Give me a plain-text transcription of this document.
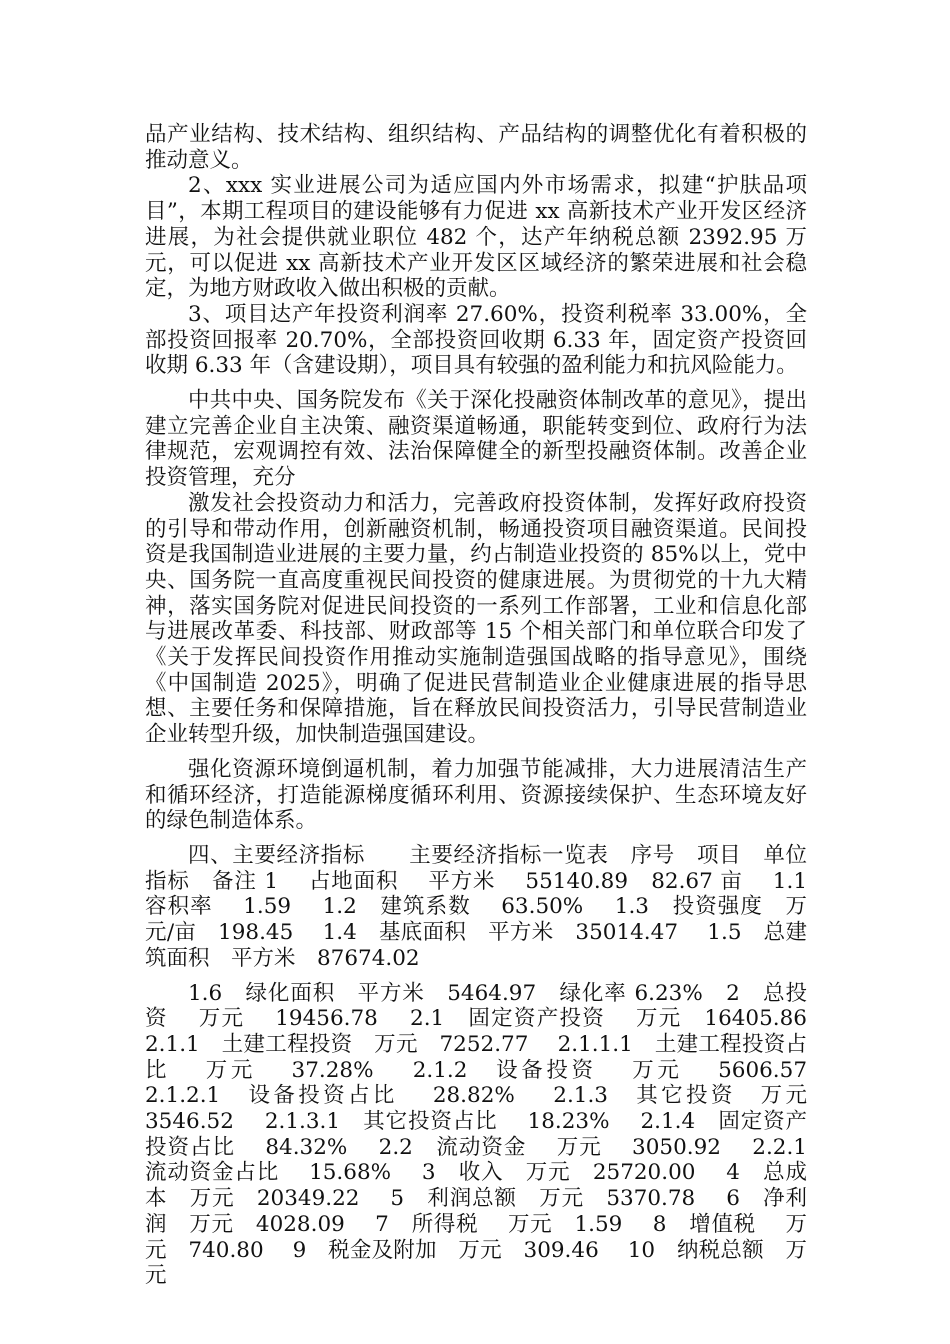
品产业结构、技术结构、组织结构、产品结构的调整优化有着积极的推动意义。

2、xxx 实业进展公司为适应国内外市场需求，拟建“护肤品项目”，本期工程项目的建设能够有力促进 xx 高新技术产业开发区经济进展，为社会提供就业职位 482 个，达产年纳税总额 2392.95 万元，可以促进 xx 高新技术产业开发区区域经济的繁荣进展和社会稳定，为地方财政收入做出积极的贡献。

3、项目达产年投资利润率 27.60%，投资利税率 33.00%，全部投资回报率 20.70%，全部投资回收期 6.33 年，固定资产投资回收期 6.33 年（含建设期），项目具有较强的盈利能力和抗风险能力。

中共中央、国务院发布《关于深化投融资体制改革的意见》，提出建立完善企业自主决策、融资渠道畅通，职能转变到位、政府行为法律规范，宏观调控有效、法治保障健全的新型投融资体制。改善企业投资管理，充分

激发社会投资动力和活力，完善政府投资体制，发挥好政府投资的引导和带动作用，创新融资机制，畅通投资项目融资渠道。民间投资是我国制造业进展的主要力量，约占制造业投资的 85%以上，党中央、国务院一直高度重视民间投资的健康进展。为贯彻党的十九大精神，落实国务院对促进民间投资的一系列工作部署，工业和信息化部与进展改革委、科技部、财政部等 15 个相关部门和单位联合印发了《关于发挥民间投资作用推动实施制造强国战略的指导意见》，围绕《中国制造 2025》，明确了促进民营制造业企业健康进展的指导思想、主要任务和保障措施，旨在释放民间投资活力，引导民营制造业企业转型升级，加快制造强国建设。

强化资源环境倒逼机制，着力加强节能减排，大力进展清洁生产和循环经济，打造能源梯度循环利用、资源接续保护、生态环境友好的绿色制造体系。

四、主要经济指标　　主要经济指标一览表　序号　项目　单位　指标　备注 1　 占地面积　 平方米　 55140.89　82.67 亩　 1.1　 容积率　 1.59　 1.2　建筑系数　 63.50%　 1.3　投资强度　万元/亩　198.45　 1.4　基底面积　平方米　35014.47　 1.5　总建筑面积　平方米　87674.02

1.6　绿化面积　平方米　5464.97　绿化率 6.23%　2　总投资　 万元　 19456.78　 2.1　固定资产投资　 万元　16405.86　2.1.1　土建工程投资　万元　7252.77　 2.1.1.1　土建工程投资占比　 万元　 37.28%　 2.1.2　设备投资　 万元　 5606.57　2.1.2.1　设备投资占比　 28.82%　 2.1.3　其它投资　万元　3546.52　 2.1.3.1　其它投资占比　 18.23%　 2.1.4　固定资产投资占比　 84.32%　 2.2　流动资金　 万元　 3050.92　 2.2.1　流动资金占比　 15.68%　 3　收入　万元　25720.00　 4　总成本　万元　20349.22　 5　利润总额　万元　5370.78　 6　净利润　万元　4028.09　 7　所得税　 万元　1.59　 8　增值税　 万元　740.80　 9　税金及附加　万元　309.46　 10　纳税总额　万元
